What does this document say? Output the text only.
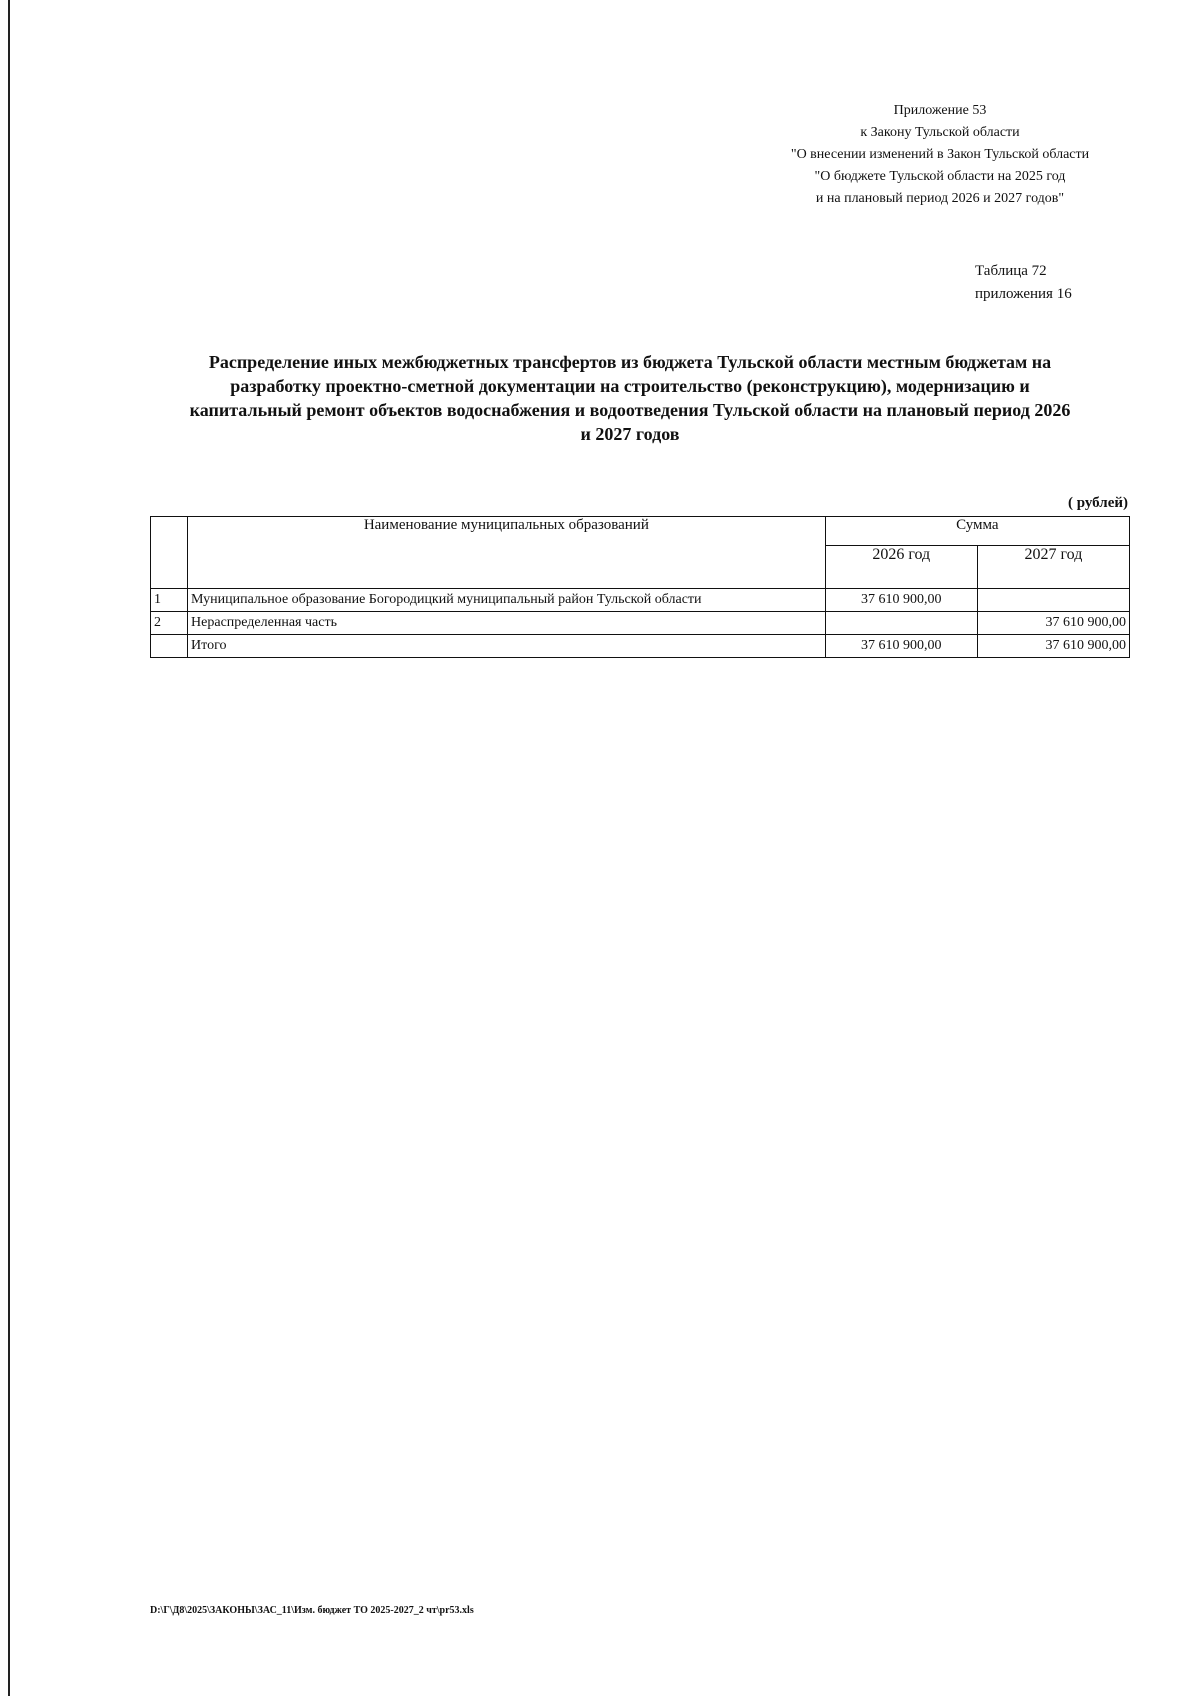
Приложение 53
к Закону Тульской области
"О внесении изменений в Закон Тульской области
"О бюджете Тульской области на 2025 год
и на плановый период 2026 и 2027 годов"
Таблица 72
приложения 16
Распределение иных межбюджетных трансфертов из бюджета Тульской области местным бюджетам на
разработку проектно-сметной документации на строительство (реконструкцию), модернизацию и
капитальный ремонт объектов водоснабжения и водоотведения Тульской области на плановый период 2026
и 2027 годов
( рублей)
	Наименование муниципальных образований	Сумма	
		2026 год	2027 год
1	Муниципальное образование Богородицкий муниципальный район Тульской области	37 610 900,00	
2	Нераспределенная часть		37 610 900,00
	Итого	37 610 900,00	37 610 900,00
D:\Г\Д8\2025\ЗАКОНЫ\ЗАС_11\Изм. бюджет ТО 2025-2027_2 чт\pr53.xls
